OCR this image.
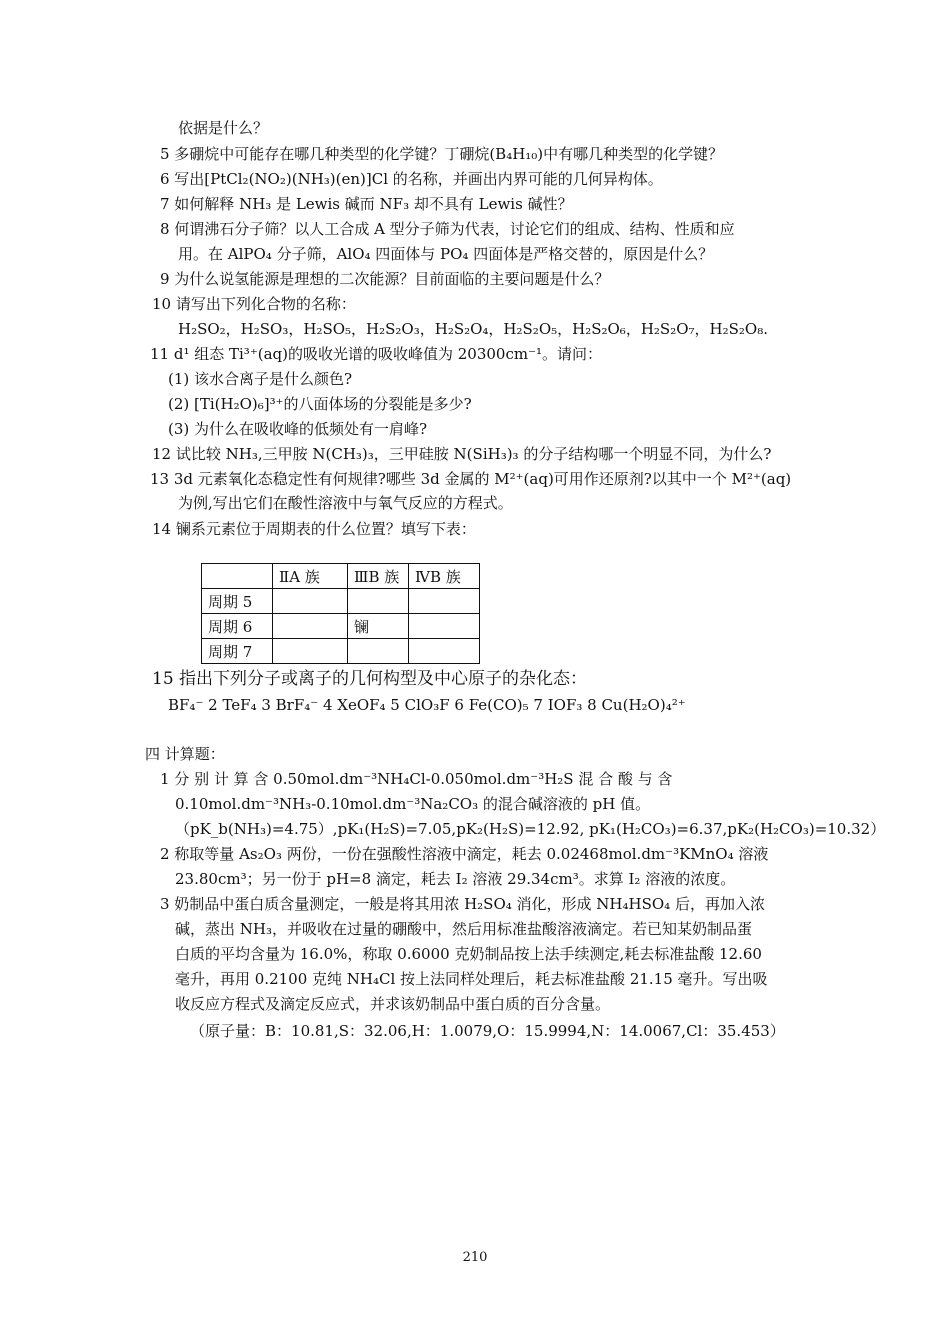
依据是什么？
5 多硼烷中可能存在哪几种类型的化学键？丁硼烷(B₄H₁₀)中有哪几种类型的化学键？
6 写出[PtCl₂(NO₂)(NH₃)(en)]Cl 的名称，并画出内界可能的几何异构体。
7 如何解释 NH₃ 是 Lewis 碱而 NF₃ 却不具有 Lewis 碱性？
8 何谓沸石分子筛？以人工合成 A 型分子筛为代表，讨论它们的组成、结构、性质和应
用。在 AlPO₄ 分子筛，AlO₄ 四面体与 PO₄ 四面体是严格交替的，原因是什么？
9 为什么说氢能源是理想的二次能源？目前面临的主要问题是什么？
10 请写出下列化合物的名称：
H₂SO₂，H₂SO₃，H₂SO₅，H₂S₂O₃，H₂S₂O₄，H₂S₂O₅，H₂S₂O₆，H₂S₂O₇，H₂S₂O₈.
11 d¹ 组态 Ti³⁺(aq)的吸收光谱的吸收峰值为 20300cm⁻¹。请问：
(1) 该水合离子是什么颜色?
(2) [Ti(H₂O)₆]³⁺的八面体场的分裂能是多少?
(3) 为什么在吸收峰的低频处有一肩峰?
12 试比较 NH₃,三甲胺 N(CH₃)₃，三甲硅胺 N(SiH₃)₃ 的分子结构哪一个明显不同，为什么?
13 3d 元素氧化态稳定性有何规律?哪些 3d 金属的 M²⁺(aq)可用作还原剂?以其中一个 M²⁺(aq)
为例,写出它们在酸性溶液中与氧气反应的方程式。
14 镧系元素位于周期表的什么位置？填写下表：
	ⅡA 族	ⅢB 族	ⅣB 族
周期 5			
周期 6		镧	
周期 7			
15 指出下列分子或离子的几何构型及中心原子的杂化态：
BF₄⁻ 2 TeF₄ 3 BrF₄⁻ 4 XeOF₄ 5 ClO₃F 6 Fe(CO)₅ 7 IOF₃ 8 Cu(H₂O)₄²⁺
四 计算题：
1 分 别 计 算 含 0.50mol.dm⁻³NH₄Cl-0.050mol.dm⁻³H₂S 混 合 酸 与 含
0.10mol.dm⁻³NH₃-0.10mol.dm⁻³Na₂CO₃ 的混合碱溶液的 pH 值。
（pK_b(NH₃)=4.75）,pK₁(H₂S)=7.05,pK₂(H₂S)=12.92, pK₁(H₂CO₃)=6.37,pK₂(H₂CO₃)=10.32）
2 称取等量 As₂O₃ 两份，一份在强酸性溶液中滴定，耗去 0.02468mol.dm⁻³KMnO₄ 溶液
23.80cm³；另一份于 pH=8 滴定，耗去 I₂ 溶液 29.34cm³。求算 I₂ 溶液的浓度。
3 奶制品中蛋白质含量测定，一般是将其用浓 H₂SO₄ 消化，形成 NH₄HSO₄ 后，再加入浓
碱，蒸出 NH₃，并吸收在过量的硼酸中，然后用标准盐酸溶液滴定。若已知某奶制品蛋
白质的平均含量为 16.0%，称取 0.6000 克奶制品按上法手续测定,耗去标准盐酸 12.60
毫升，再用 0.2100 克纯 NH₄Cl 按上法同样处理后，耗去标准盐酸 21.15 毫升。写出吸
收反应方程式及滴定反应式，并求该奶制品中蛋白质的百分含量。
（原子量：B：10.81,S：32.06,H：1.0079,O：15.9994,N：14.0067,Cl：35.453）
210
